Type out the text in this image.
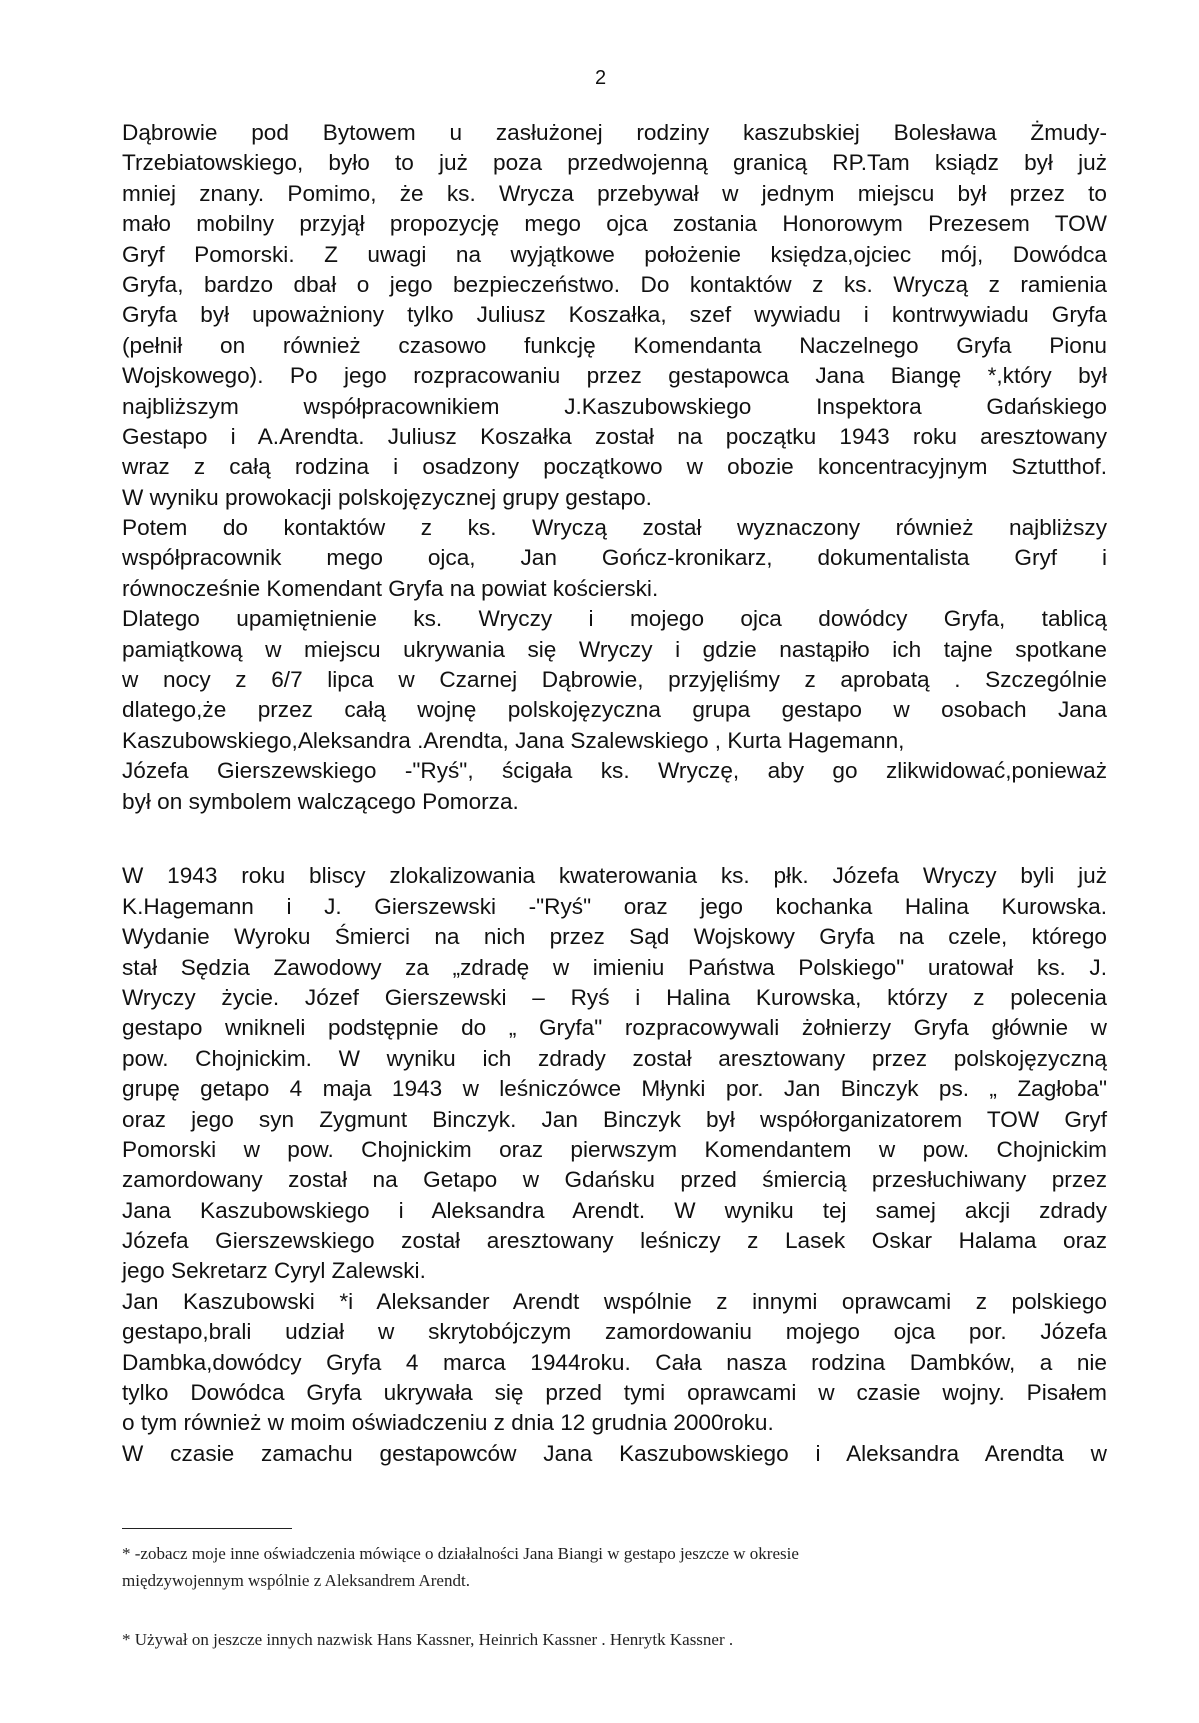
2
Dąbrowie pod Bytowem u zasłużonej rodziny kaszubskiej Bolesława Żmudy-
Trzebiatowskiego, było to już poza przedwojenną granicą RP.Tam ksiądz był już
mniej znany. Pomimo, że ks. Wrycza przebywał w jednym miejscu był przez to
mało mobilny przyjął propozycję mego ojca zostania Honorowym Prezesem TOW
Gryf Pomorski. Z uwagi na wyjątkowe położenie księdza,ojciec mój, Dowódca
Gryfa, bardzo dbał o jego bezpieczeństwo. Do kontaktów z ks. Wryczą z ramienia
Gryfa był upoważniony tylko Juliusz Koszałka, szef wywiadu i kontrwywiadu Gryfa
(pełnił on również czasowo funkcję Komendanta Naczelnego Gryfa Pionu
Wojskowego). Po jego rozpracowaniu przez gestapowca Jana Biangę *,który był
najbliższym współpracownikiem J.Kaszubowskiego Inspektora Gdańskiego
Gestapo i A.Arendta. Juliusz Koszałka został na początku 1943 roku aresztowany
wraz z całą rodzina i osadzony początkowo w obozie koncentracyjnym Sztutthof.
W wyniku prowokacji polskojęzycznej grupy gestapo.
Potem do kontaktów z ks. Wryczą został wyznaczony również najbliższy
współpracownik mego ojca, Jan Gończ-kronikarz, dokumentalista Gryf i
równocześnie Komendant Gryfa na powiat kościerski.
Dlatego upamiętnienie ks. Wryczy i mojego ojca dowódcy Gryfa, tablicą
pamiątkową w miejscu ukrywania się Wryczy i gdzie nastąpiło ich tajne spotkane
w nocy z 6/7 lipca w Czarnej Dąbrowie, przyjęliśmy z aprobatą . Szczególnie
dlatego,że przez całą wojnę polskojęzyczna grupa gestapo w osobach Jana
Kaszubowskiego,Aleksandra .Arendta, Jana Szalewskiego , Kurta Hagemann,
Józefa Gierszewskiego -"Ryś", ścigała ks. Wryczę, aby go zlikwidować,ponieważ
był on symbolem walczącego Pomorza.
W 1943 roku bliscy zlokalizowania kwaterowania ks. płk. Józefa Wryczy byli już
K.Hagemann i J. Gierszewski -"Ryś" oraz jego kochanka Halina Kurowska.
Wydanie Wyroku Śmierci na nich przez Sąd Wojskowy Gryfa na czele, którego
stał Sędzia Zawodowy za „zdradę w imieniu Państwa Polskiego" uratował ks. J.
Wryczy życie. Józef Gierszewski – Ryś i Halina Kurowska, którzy z polecenia
gestapo wnikneli podstępnie do „ Gryfa" rozpracowywali żołnierzy Gryfa głównie w
pow. Chojnickim. W wyniku ich zdrady został aresztowany przez polskojęzyczną
grupę getapo 4 maja 1943 w leśniczówce Młynki por. Jan Binczyk ps. „ Zagłoba"
oraz jego syn Zygmunt Binczyk. Jan Binczyk był współorganizatorem TOW Gryf
Pomorski w pow. Chojnickim oraz pierwszym Komendantem w pow. Chojnickim
zamordowany został na Getapo w Gdańsku przed śmiercią przesłuchiwany przez
Jana Kaszubowskiego i Aleksandra Arendt. W wyniku tej samej akcji zdrady
Józefa Gierszewskiego został aresztowany leśniczy z Lasek Oskar Halama oraz
jego Sekretarz Cyryl Zalewski.
Jan Kaszubowski *i Aleksander Arendt wspólnie z innymi oprawcami z polskiego
gestapo,brali udział w skrytobójczym zamordowaniu mojego ojca por. Józefa
Dambka,dowódcy Gryfa 4 marca 1944roku. Cała nasza rodzina Dambków, a nie
tylko Dowódca Gryfa ukrywała się przed tymi oprawcami w czasie wojny. Pisałem
o tym również w moim oświadczeniu z dnia 12 grudnia 2000roku.
W czasie zamachu gestapowców Jana Kaszubowskiego i Aleksandra Arendta w
* -zobacz moje inne oświadczenia mówiące o działalności Jana Biangi w gestapo jeszcze w okresie
międzywojennym wspólnie z Aleksandrem Arendt.
* Używał on jeszcze innych nazwisk Hans Kassner, Heinrich Kassner . Henrytk Kassner .
